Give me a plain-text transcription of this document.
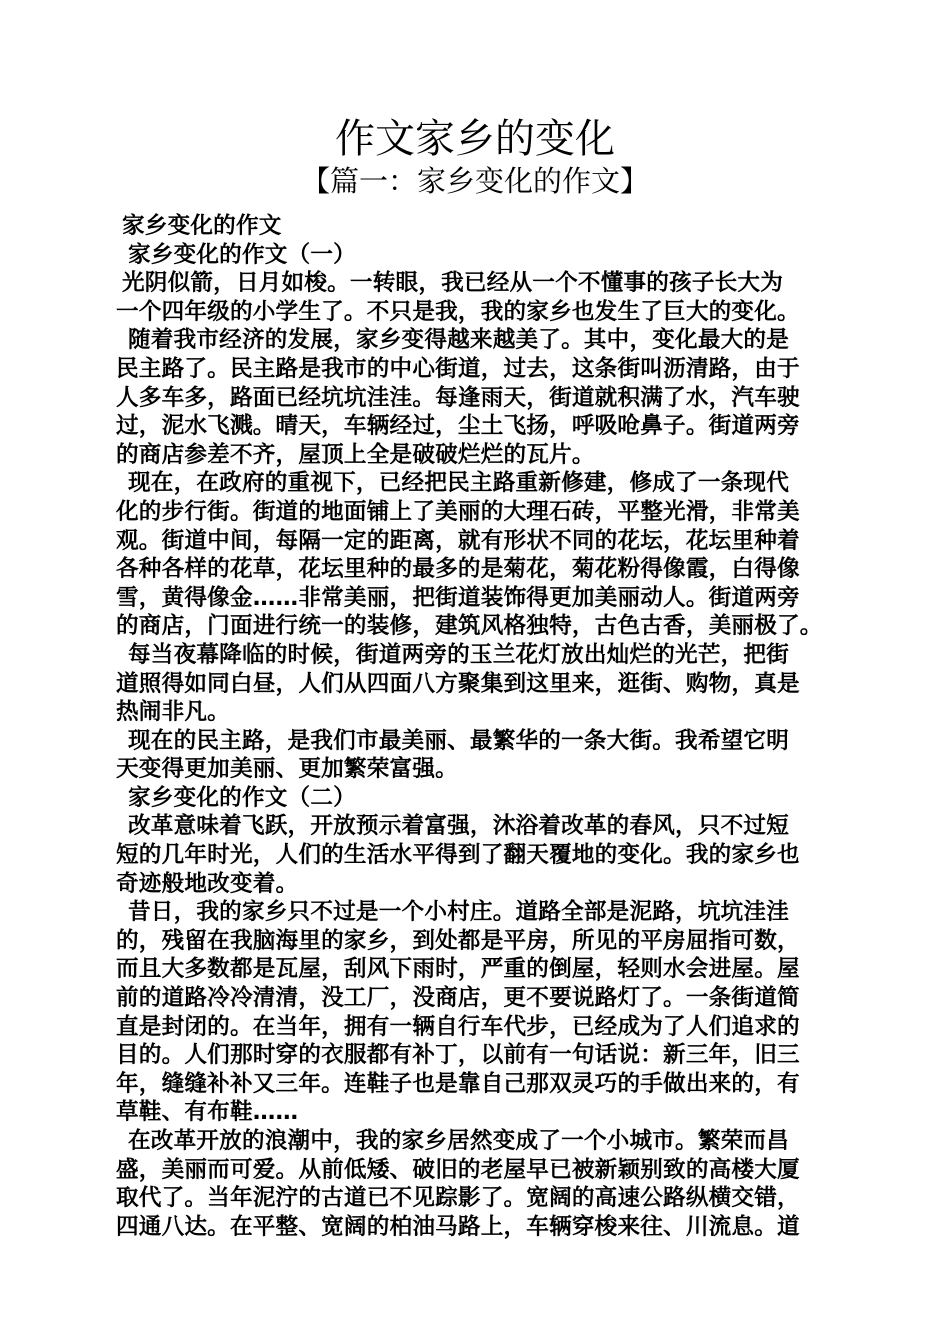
作文家乡的变化
【篇一：家乡变化的作文】
家乡变化的作文
家乡变化的作文（一）
光阴似箭，日月如梭。一转眼，我已经从一个不懂事的孩子长大为
一个四年级的小学生了。不只是我，我的家乡也发生了巨大的变化。
随着我市经济的发展，家乡变得越来越美了。其中，变化最大的是
民主路了。民主路是我市的中心街道，过去，这条街叫沥清路，由于
人多车多，路面已经坑坑洼洼。每逢雨天，街道就积满了水，汽车驶
过，泥水飞溅。晴天，车辆经过，尘土飞扬，呼吸呛鼻子。街道两旁
的商店参差不齐，屋顶上全是破破烂烂的瓦片。
现在，在政府的重视下，已经把民主路重新修建，修成了一条现代
化的步行街。街道的地面铺上了美丽的大理石砖，平整光滑，非常美
观。街道中间，每隔一定的距离，就有形状不同的花坛，花坛里种着
各种各样的花草，花坛里种的最多的是菊花，菊花粉得像霞，白得像
雪，黄得像金……非常美丽，把街道装饰得更加美丽动人。街道两旁
的商店，门面进行统一的装修，建筑风格独特，古色古香，美丽极了。
每当夜幕降临的时候，街道两旁的玉兰花灯放出灿烂的光芒，把街
道照得如同白昼，人们从四面八方聚集到这里来，逛街、购物，真是
热闹非凡。
现在的民主路，是我们市最美丽、最繁华的一条大街。我希望它明
天变得更加美丽、更加繁荣富强。
家乡变化的作文（二）
改革意味着飞跃，开放预示着富强，沐浴着改革的春风，只不过短
短的几年时光，人们的生活水平得到了翻天覆地的变化。我的家乡也
奇迹般地改变着。
昔日，我的家乡只不过是一个小村庄。道路全部是泥路，坑坑洼洼
的，残留在我脑海里的家乡，到处都是平房，所见的平房屈指可数，
而且大多数都是瓦屋，刮风下雨时，严重的倒屋，轻则水会进屋。屋
前的道路冷冷清清，没工厂，没商店，更不要说路灯了。一条街道简
直是封闭的。在当年，拥有一辆自行车代步，已经成为了人们追求的
目的。人们那时穿的衣服都有补丁，以前有一句话说：新三年，旧三
年，缝缝补补又三年。连鞋子也是靠自己那双灵巧的手做出来的，有
草鞋、有布鞋……
在改革开放的浪潮中，我的家乡居然变成了一个小城市。繁荣而昌
盛，美丽而可爱。从前低矮、破旧的老屋早已被新颖别致的高楼大厦
取代了。当年泥泞的古道已不见踪影了。宽阔的高速公路纵横交错，
四通八达。在平整、宽阔的柏油马路上，车辆穿梭来往、川流息。道
